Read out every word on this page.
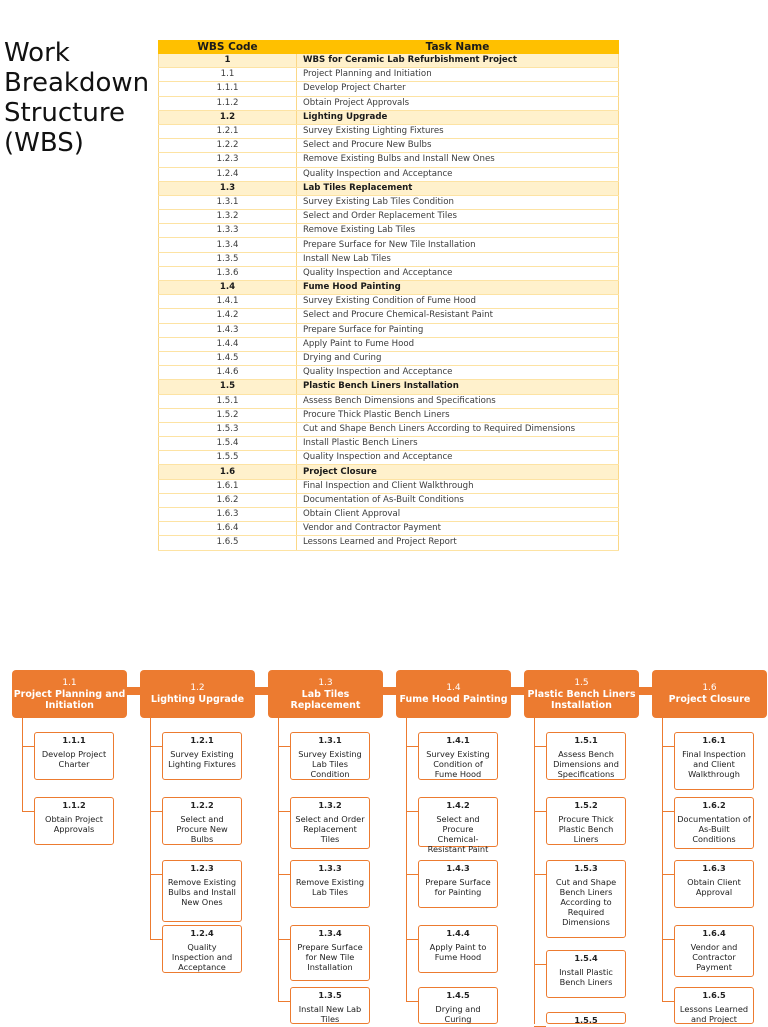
Work
Breakdown
Structure
(WBS)
WBS Code	Task Name
1	WBS for Ceramic Lab Refurbishment Project
1.1	Project Planning and Initiation
1.1.1	Develop Project Charter
1.1.2	Obtain Project Approvals
1.2	Lighting Upgrade
1.2.1	Survey Existing Lighting Fixtures
1.2.2	Select and Procure New Bulbs
1.2.3	Remove Existing Bulbs and Install New Ones
1.2.4	Quality Inspection and Acceptance
1.3	Lab Tiles Replacement
1.3.1	Survey Existing Lab Tiles Condition
1.3.2	Select and Order Replacement Tiles
1.3.3	Remove Existing Lab Tiles
1.3.4	Prepare Surface for New Tile Installation
1.3.5	Install New Lab Tiles
1.3.6	Quality Inspection and Acceptance
1.4	Fume Hood Painting
1.4.1	Survey Existing Condition of Fume Hood
1.4.2	Select and Procure Chemical-Resistant Paint
1.4.3	Prepare Surface for Painting
1.4.4	Apply Paint to Fume Hood
1.4.5	Drying and Curing
1.4.6	Quality Inspection and Acceptance
1.5	Plastic Bench Liners Installation
1.5.1	Assess Bench Dimensions and Specifications
1.5.2	Procure Thick Plastic Bench Liners
1.5.3	Cut and Shape Bench Liners According to Required Dimensions
1.5.4	Install Plastic Bench Liners
1.5.5	Quality Inspection and Acceptance
1.6	Project Closure
1.6.1	Final Inspection and Client Walkthrough
1.6.2	Documentation of As-Built Conditions
1.6.3	Obtain Client Approval
1.6.4	Vendor and Contractor Payment
1.6.5	Lessons Learned and Project Report
1.1
Project Planning and Initiation
1.1.1
Develop Project Charter
1.1.2
Obtain Project Approvals
1.2
Lighting Upgrade
1.2.1
Survey Existing Lighting Fixtures
1.2.2
Select and Procure New Bulbs
1.2.3
Remove Existing Bulbs and Install New Ones
1.2.4
Quality Inspection and Acceptance
1.3
Lab Tiles Replacement
1.3.1
Survey Existing Lab Tiles Condition
1.3.2
Select and Order Replacement Tiles
1.3.3
Remove Existing Lab Tiles
1.3.4
Prepare Surface for New Tile Installation
1.3.5
Install New Lab Tiles
1.4
Fume Hood Painting
1.4.1
Survey Existing Condition of Fume Hood
1.4.2
Select and Procure Chemical-Resistant Paint
1.4.3
Prepare Surface for Painting
1.4.4
Apply Paint to Fume Hood
1.4.5
Drying and Curing
1.5
Plastic Bench Liners Installation
1.5.1
Assess Bench Dimensions and Specifications
1.5.2
Procure Thick Plastic Bench Liners
1.5.3
Cut and Shape Bench Liners According to Required Dimensions
1.5.4
Install Plastic Bench Liners
1.5.5
1.6
Project Closure
1.6.1
Final Inspection and Client Walkthrough
1.6.2
Documentation of As-Built Conditions
1.6.3
Obtain Client Approval
1.6.4
Vendor and Contractor Payment
1.6.5
Lessons Learned and Project
